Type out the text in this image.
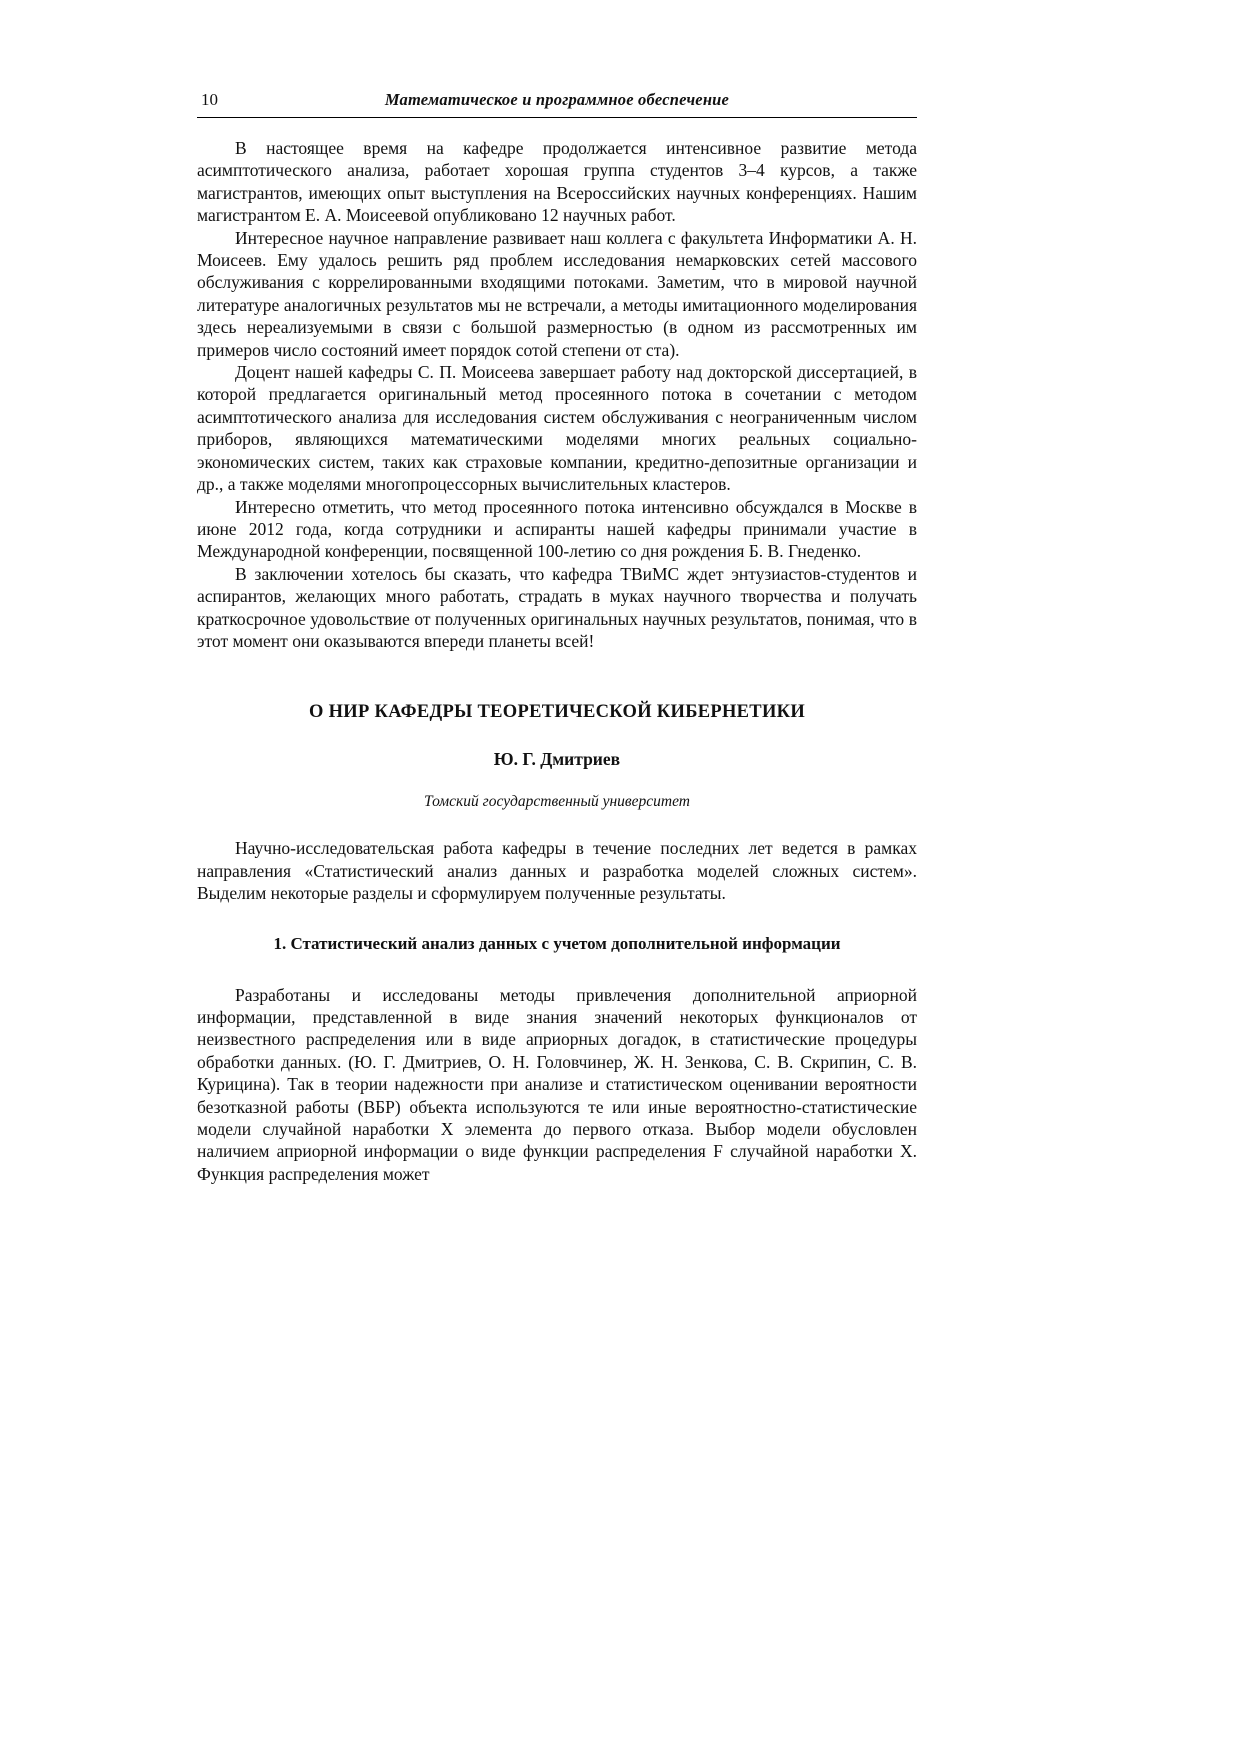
10	Математическое и программное обеспечение

В настоящее время на кафедре продолжается интенсивное развитие метода асимптотического анализа, работает хорошая группа студентов 3–4 курсов, а также магистрантов, имеющих опыт выступления на Всероссийских научных конференциях. Нашим магистрантом Е. А. Моисеевой опубликовано 12 научных работ.

Интересное научное направление развивает наш коллега с факультета Информатики А. Н. Моисеев. Ему удалось решить ряд проблем исследования немарковских сетей массового обслуживания с коррелированными входящими потоками. Заметим, что в мировой научной литературе аналогичных результатов мы не встречали, а методы имитационного моделирования здесь нереализуемыми в связи с большой размерностью (в одном из рассмотренных им примеров число состояний имеет порядок сотой степени от ста).

Доцент нашей кафедры С. П. Моисеева завершает работу над докторской диссертацией, в которой предлагается оригинальный метод просеянного потока в сочетании с методом асимптотического анализа для исследования систем обслуживания с неограниченным числом приборов, являющихся математическими моделями многих реальных социально-экономических систем, таких как страховые компании, кредитно-депозитные организации и др., а также моделями многопроцессорных вычислительных кластеров.

Интересно отметить, что метод просеянного потока интенсивно обсуждался в Москве в июне 2012 года, когда сотрудники и аспиранты нашей кафедры принимали участие в Международной конференции, посвященной 100-летию со дня рождения Б. В. Гнеденко.

В заключении хотелось бы сказать, что кафедра ТВиМС ждет энтузиастов-студентов и аспирантов, желающих много работать, страдать в муках научного творчества и получать краткосрочное удовольствие от полученных оригинальных научных результатов, понимая, что в этот момент они оказываются впереди планеты всей!

О НИР КАФЕДРЫ ТЕОРЕТИЧЕСКОЙ КИБЕРНЕТИКИ
Ю. Г. Дмитриев
Томский государственный университет

Научно-исследовательская работа кафедры в течение последних лет ведется в рамках направления «Статистический анализ данных и разработка моделей сложных систем». Выделим некоторые разделы и сформулируем полученные результаты.

1. Статистический анализ данных с учетом дополнительной информации

Разработаны и исследованы методы привлечения дополнительной априорной информации, представленной в виде знания значений некоторых функционалов от неизвестного распределения или в виде априорных догадок, в статистические процедуры обработки данных. (Ю. Г. Дмитриев, О. Н. Головчинер, Ж. Н. Зенкова, С. В. Скрипин, С. В. Курицина). Так в теории надежности при анализе и статистическом оценивании вероятности безотказной работы (ВБР) объекта используются те или иные вероятностно-статистические модели случайной наработки X элемента до первого отказа. Выбор модели обусловлен наличием априорной информации о виде функции распределения F случайной наработки X. Функция распределения может
